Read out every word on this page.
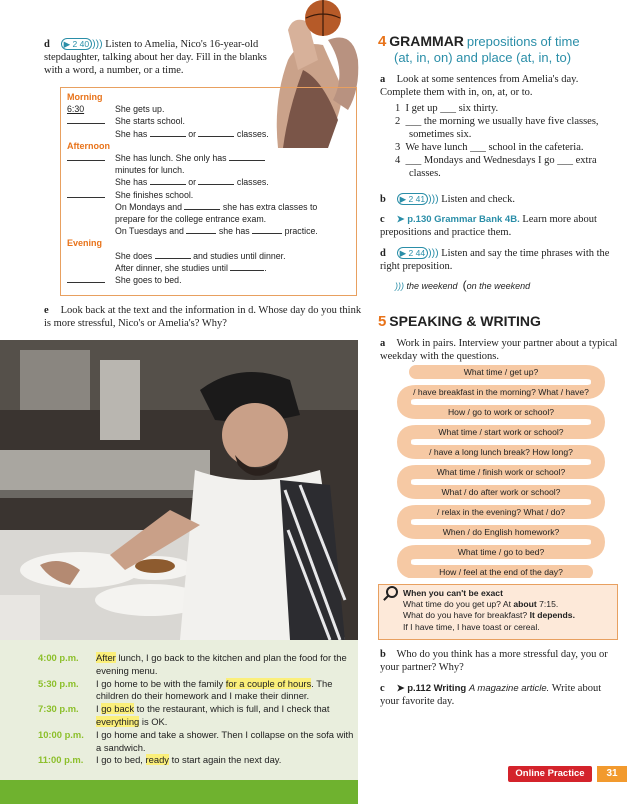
d ▶ 2 40 ))) Listen to Amelia, Nico's 16-year-old stepdaughter, talking about her day. Fill in the blanks with a word, a number, or a time.
Morning
6:30	She gets up.
She starts school.
She has	or	classes.
Afternoon
She has lunch. She only has
minutes for lunch.
She has	or	classes.
She finishes school.
On Mondays and	she has extra classes to prepare for the college entrance exam.
On Tuesdays and	she has	practice.
Evening
She does	and studies until dinner.
After dinner, she studies until	.
She goes to bed.
e Look back at the text and the information in d. Whose day do you think is more stressful, Nico's or Amelia's? Why?
4:00 p.m.	After lunch, I go back to the kitchen and plan the food for the evening menu.
5:30 p.m.	I go home to be with the family for a couple of hours. The children do their homework and I make their dinner.
7:30 p.m.	I go back to the restaurant, which is full, and I check that everything is OK.
10:00 p.m.	I go home and take a shower. Then I collapse on the sofa with a sandwich.
11:00 p.m.	I go to bed, ready to start again the next day.
4 GRAMMAR prepositions of time
(at, in, on) and place (at, in, to)
a Look at some sentences from Amelia's day. Complete them with in, on, at, or to.
1 I get up ___ six thirty.
2 ___ the morning we usually have five classes, sometimes six.
3 We have lunch ___ school in the cafeteria.
4 ___ Mondays and Wednesdays I go ___ extra classes.
b ▶ 2 41 ))) Listen and check.
c ➤ p.130 Grammar Bank 4B. Learn more about prepositions and practice them.
d ▶ 2 44 ))) Listen and say the time phrases with the right preposition.
))) the weekend (on the weekend
5 SPEAKING & WRITING
a Work in pairs. Interview your partner about a typical weekday with the questions.
What time / get up?
/ have breakfast in the morning? What / have?
How / go to work or school?
What time / start work or school?
/ have a long lunch break? How long?
What time / finish work or school?
What / do after work or school?
/ relax in the evening? What / do?
When / do English homework?
What time / go to bed?
How / feel at the end of the day?
When you can't be exact
What time do you get up? At about 7:15.
What do you have for breakfast? It depends.
If I have time, I have toast or cereal.
b Who do you think has a more stressful day, you or your partner? Why?
c ➤ p.112 Writing A magazine article. Write about your favorite day.
Online Practice	31
